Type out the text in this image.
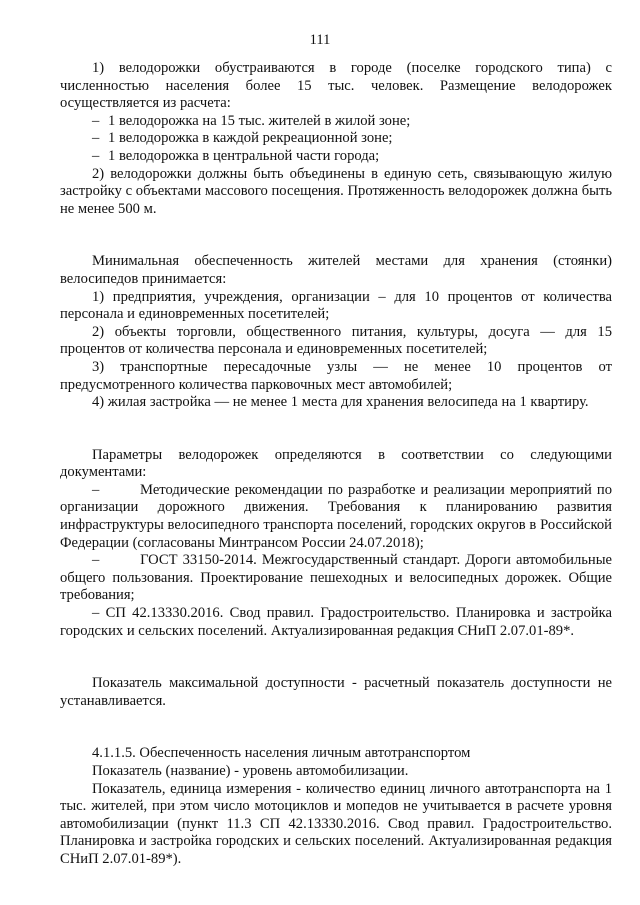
111

1) велодорожки обустраиваются в городе (поселке городского типа) с численностью населения более 15 тыс. человек. Размещение велодорожек осуществляется из расчета:

– 1 велодорожка на 15 тыс. жителей в жилой зоне;
– 1 велодорожка в каждой рекреационной зоне;
– 1 велодорожка в центральной части города;

2) велодорожки должны быть объединены в единую сеть, связывающую жилую застройку с объектами массового посещения. Протяженность велодорожек должна быть не менее 500 м.

Минимальная обеспеченность жителей местами для хранения (стоянки) велосипедов принимается:

1) предприятия, учреждения, организации – для 10 процентов от количества персонала и единовременных посетителей;

2) объекты торговли, общественного питания, культуры, досуга — для 15 процентов от количества персонала и единовременных посетителей;

3) транспортные пересадочные узлы — не менее 10 процентов от предусмотренного количества парковочных мест автомобилей;

4) жилая застройка — не менее 1 места для хранения велосипеда на 1 квартиру.

Параметры велодорожек определяются в соответствии со следующими документами:

–        Методические рекомендации по разработке и реализации мероприятий по организации дорожного движения. Требования к планированию развития инфраструктуры велосипедного транспорта поселений, городских округов в Российской Федерации (согласованы Минтрансом России 24.07.2018);

–        ГОСТ 33150-2014. Межгосударственный стандарт. Дороги автомобильные общего пользования. Проектирование пешеходных и велосипедных дорожек. Общие требования;

– СП 42.13330.2016. Свод правил. Градостроительство. Планировка и застройка городских и сельских поселений. Актуализированная редакция СНиП 2.07.01-89*.

Показатель максимальной доступности - расчетный показатель доступности не устанавливается.

4.1.1.5. Обеспеченность населения личным автотранспортом

Показатель (название) - уровень автомобилизации.

Показатель, единица измерения - количество единиц личного автотранспорта на 1 тыс. жителей, при этом число мотоциклов и мопедов не учитывается в расчете уровня автомобилизации (пункт 11.3 СП 42.13330.2016. Свод правил. Градостроительство. Планировка и застройка городских и сельских поселений. Актуализированная редакция СНиП 2.07.01-89*).
